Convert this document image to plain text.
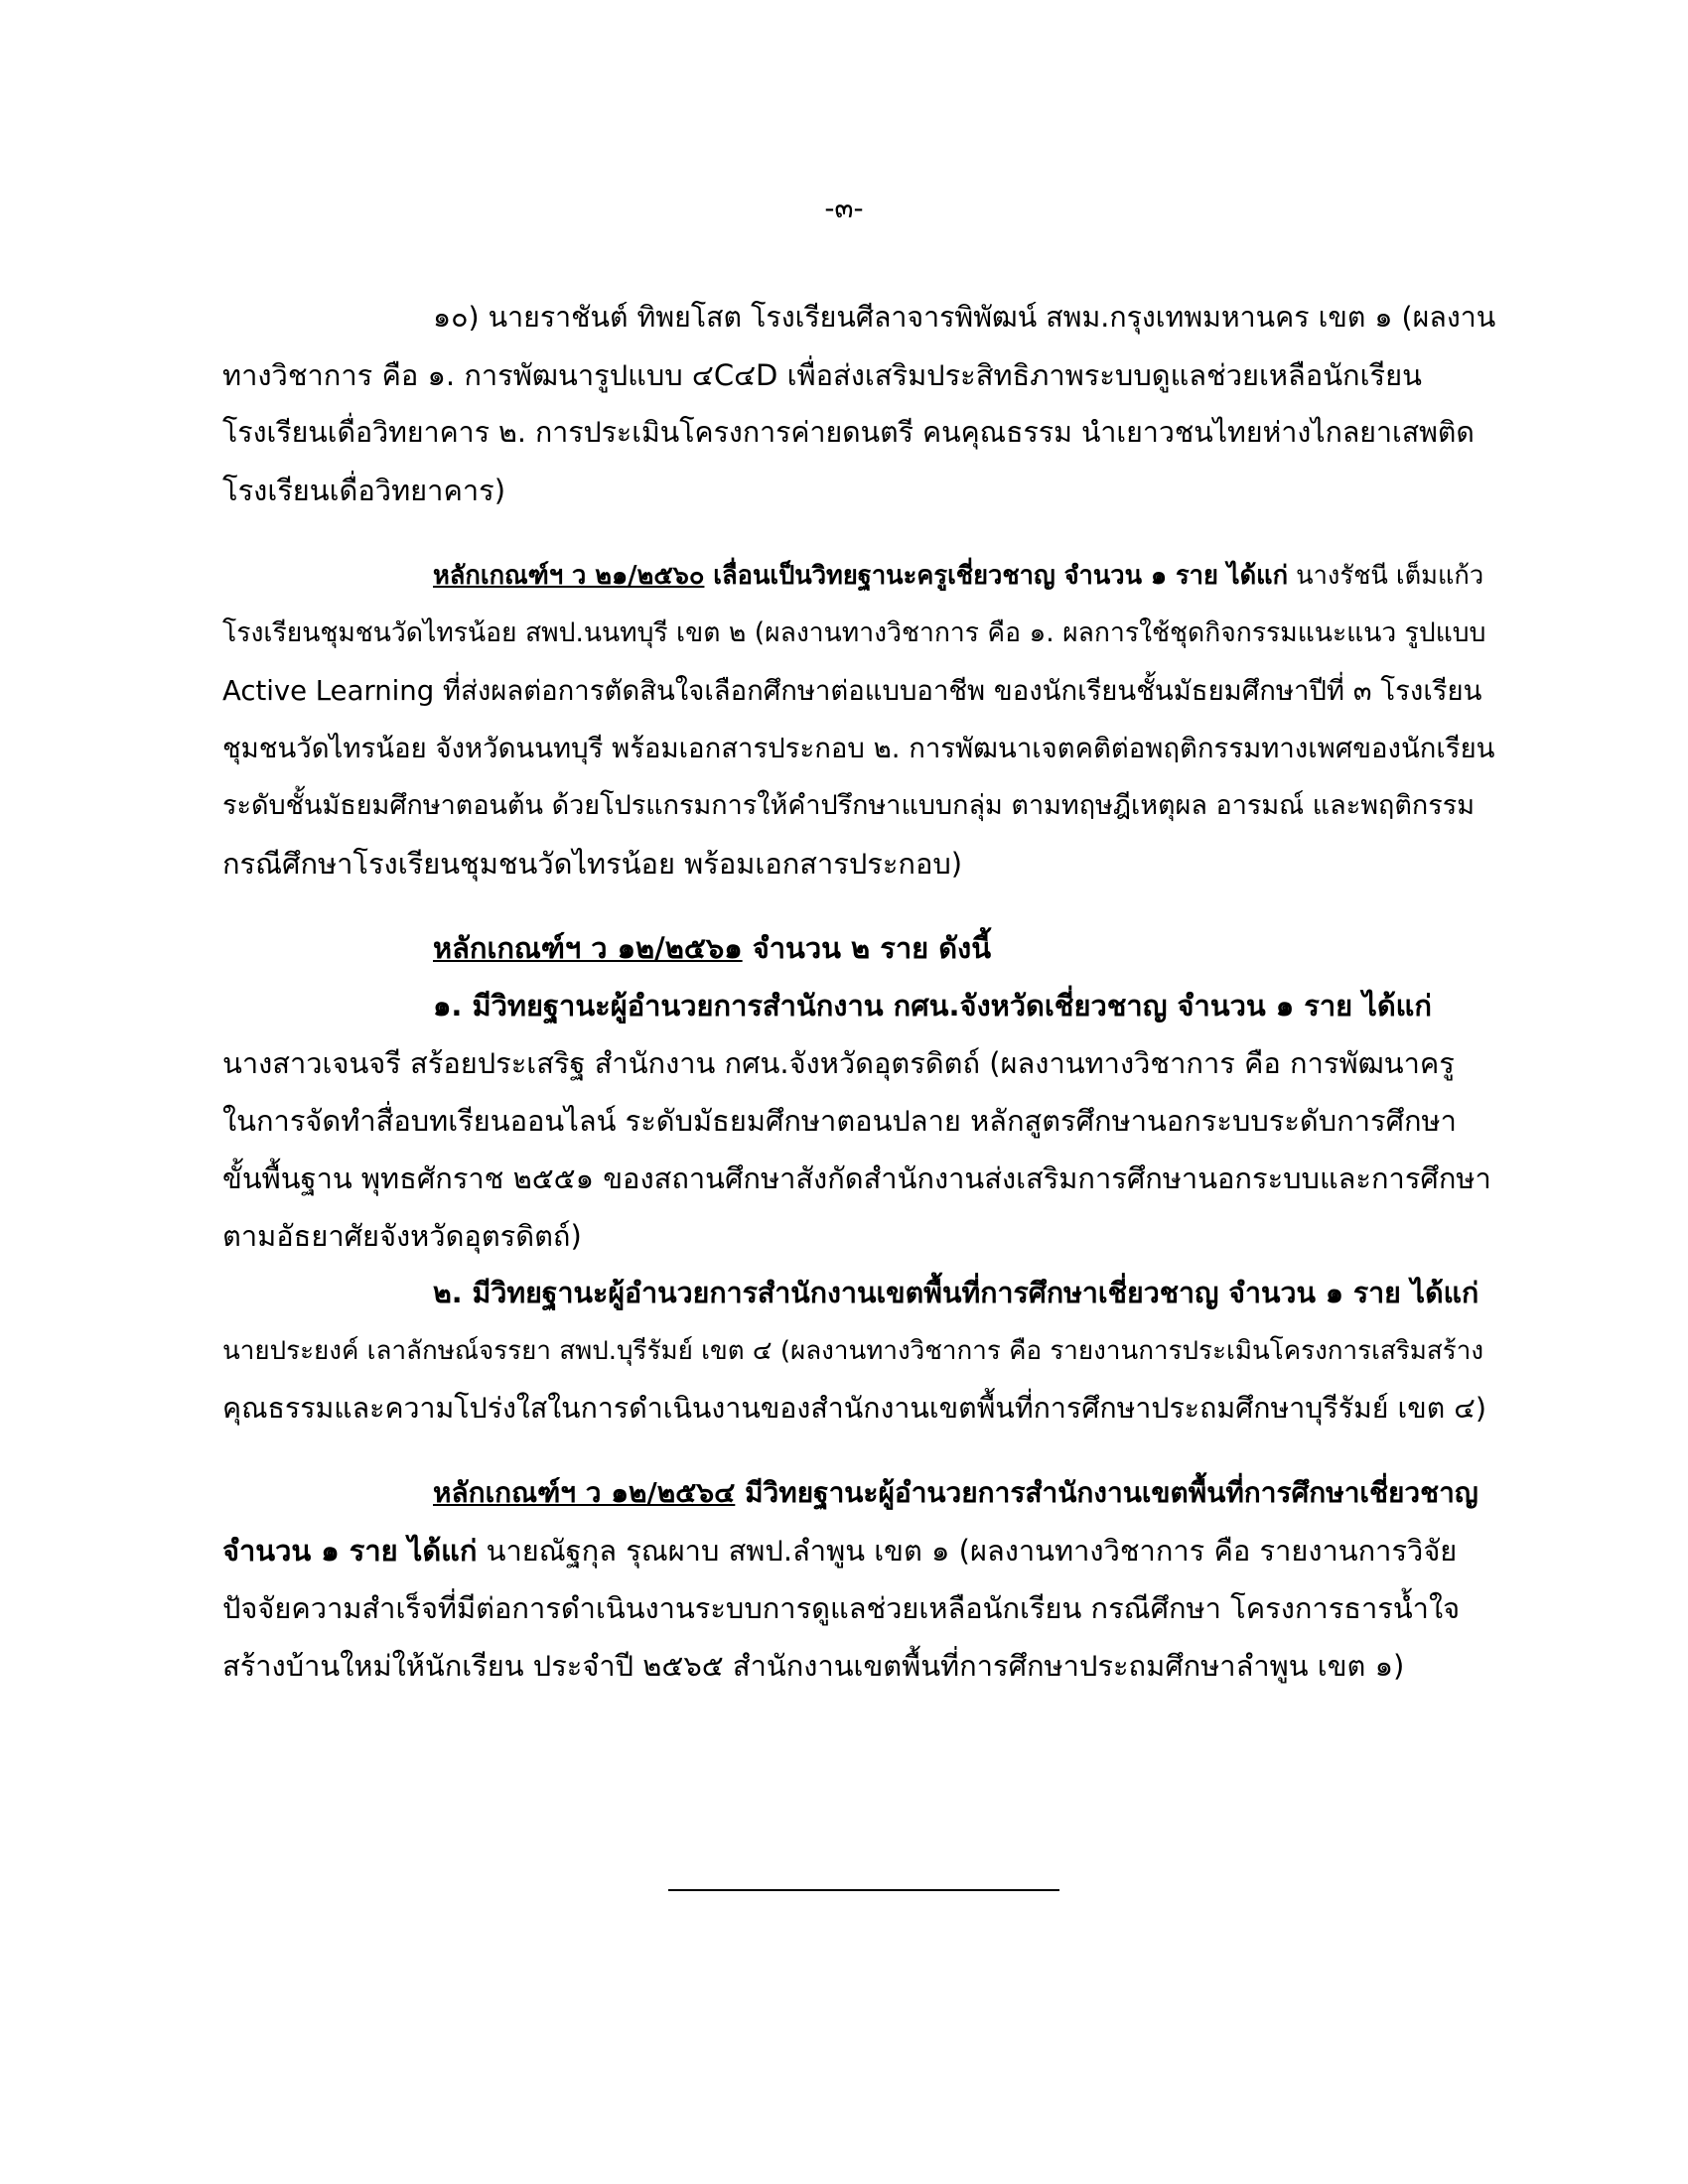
-๓-
๑๐) นายราชันต์ ทิพยโสต โรงเรียนศีลาจารพิพัฒน์ สพม.กรุงเทพมหานคร เขต ๑ (ผลงาน
ทางวิชาการ คือ ๑. การพัฒนารูปแบบ ๔C๔D เพื่อส่งเสริมประสิทธิภาพระบบดูแลช่วยเหลือนักเรียน
โรงเรียนเดื่อวิทยาคาร ๒. การประเมินโครงการค่ายดนตรี คนคุณธรรม นำเยาวชนไทยห่างไกลยาเสพติด
โรงเรียนเดื่อวิทยาคาร)
หลักเกณฑ์ฯ ว ๒๑/๒๕๖๐ เลื่อนเป็นวิทยฐานะครูเชี่ยวชาญ จำนวน ๑ ราย ได้แก่ นางรัชนี เต็มแก้ว
โรงเรียนชุมชนวัดไทรน้อย สพป.นนทบุรี เขต ๒ (ผลงานทางวิชาการ คือ ๑. ผลการใช้ชุดกิจกรรมแนะแนว รูปแบบ
Active Learning ที่ส่งผลต่อการตัดสินใจเลือกศึกษาต่อแบบอาชีพ ของนักเรียนชั้นมัธยมศึกษาปีที่ ๓ โรงเรียน
ชุมชนวัดไทรน้อย จังหวัดนนทบุรี พร้อมเอกสารประกอบ ๒. การพัฒนาเจตคติต่อพฤติกรรมทางเพศของนักเรียน
ระดับชั้นมัธยมศึกษาตอนต้น ด้วยโปรแกรมการให้คำปรึกษาแบบกลุ่ม ตามทฤษฎีเหตุผล อารมณ์ และพฤติกรรม
กรณีศึกษาโรงเรียนชุมชนวัดไทรน้อย พร้อมเอกสารประกอบ)
หลักเกณฑ์ฯ ว ๑๒/๒๕๖๑ จำนวน ๒ ราย ดังนี้
๑. มีวิทยฐานะผู้อำนวยการสำนักงาน กศน.จังหวัดเชี่ยวชาญ จำนวน ๑ ราย ได้แก่
นางสาวเจนจรี สร้อยประเสริฐ สำนักงาน กศน.จังหวัดอุตรดิตถ์ (ผลงานทางวิชาการ คือ การพัฒนาครู
ในการจัดทำสื่อบทเรียนออนไลน์ ระดับมัธยมศึกษาตอนปลาย หลักสูตรศึกษานอกระบบระดับการศึกษา
ขั้นพื้นฐาน พุทธศักราช ๒๕๕๑ ของสถานศึกษาสังกัดสำนักงานส่งเสริมการศึกษานอกระบบและการศึกษา
ตามอัธยาศัยจังหวัดอุตรดิตถ์)
๒. มีวิทยฐานะผู้อำนวยการสำนักงานเขตพื้นที่การศึกษาเชี่ยวชาญ จำนวน ๑ ราย ได้แก่
นายประยงค์ เลาลักษณ์จรรยา สพป.บุรีรัมย์ เขต ๔ (ผลงานทางวิชาการ คือ รายงานการประเมินโครงการเสริมสร้าง
คุณธรรมและความโปร่งใสในการดำเนินงานของสำนักงานเขตพื้นที่การศึกษาประถมศึกษาบุรีรัมย์ เขต ๔)
หลักเกณฑ์ฯ ว ๑๒/๒๕๖๔ มีวิทยฐานะผู้อำนวยการสำนักงานเขตพื้นที่การศึกษาเชี่ยวชาญ
จำนวน ๑ ราย ได้แก่ นายณัฐกุล รุณผาบ สพป.ลำพูน เขต ๑ (ผลงานทางวิชาการ คือ รายงานการวิจัย
ปัจจัยความสำเร็จที่มีต่อการดำเนินงานระบบการดูแลช่วยเหลือนักเรียน กรณีศึกษา โครงการธารน้ำใจ
สร้างบ้านใหม่ให้นักเรียน ประจำปี ๒๕๖๕ สำนักงานเขตพื้นที่การศึกษาประถมศึกษาลำพูน เขต ๑)
